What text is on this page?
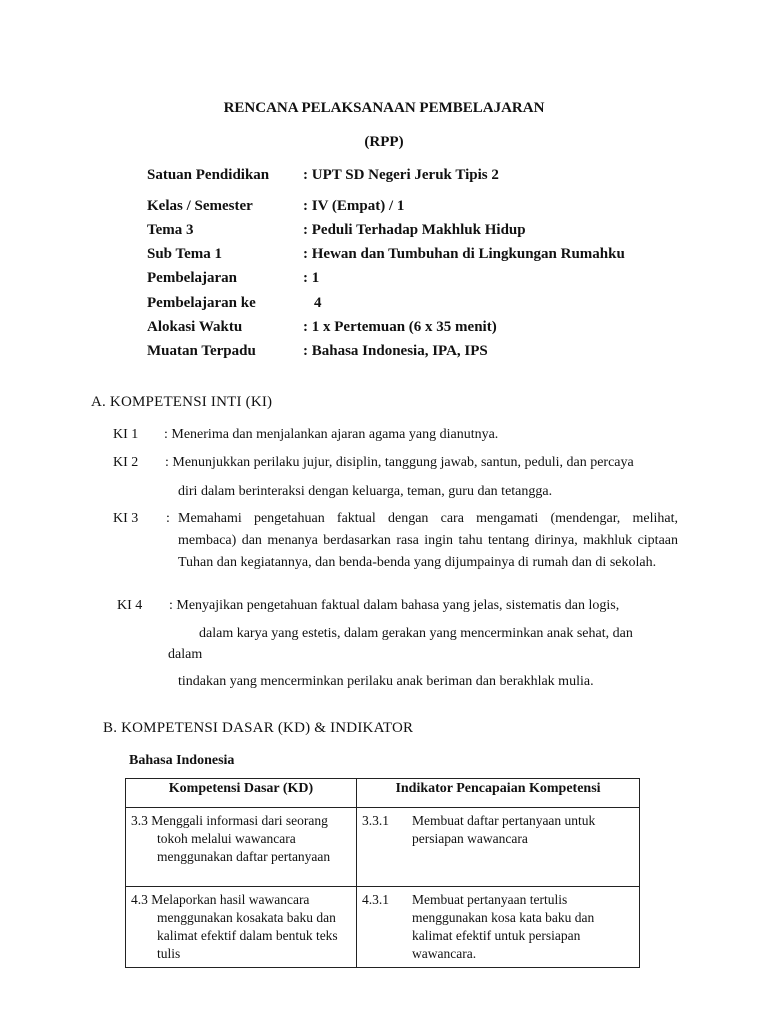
RENCANA PELAKSANAAN PEMBELAJARAN
(RPP)
Satuan Pendidikan : UPT SD Negeri Jeruk Tipis 2
Kelas / Semester	: IV (Empat) / 1
Tema 3	: Peduli Terhadap Makhluk Hidup
Sub Tema 1	: Hewan dan Tumbuhan di Lingkungan Rumahku
Pembelajaran	: 1
Pembelajaran ke	4
Alokasi Waktu	: 1 x Pertemuan (6 x 35 menit)
Muatan Terpadu	: Bahasa Indonesia, IPA, IPS
A. KOMPETENSI INTI (KI)
KI 1 : Menerima dan menjalankan ajaran agama yang dianutnya.
KI 2 : Menunjukkan perilaku jujur, disiplin, tanggung jawab, santun, peduli, dan percaya
diri dalam berinteraksi dengan keluarga, teman, guru dan tetangga.
KI 3 : Memahami pengetahuan faktual dengan cara mengamati (mendengar, melihat, membaca) dan menanya berdasarkan rasa ingin tahu tentang dirinya, makhluk ciptaan Tuhan dan kegiatannya, dan benda-benda yang dijumpainya di rumah dan di sekolah.
KI 4 : Menyajikan pengetahuan faktual dalam bahasa yang jelas, sistematis dan logis,
dalam karya yang estetis, dalam gerakan yang mencerminkan anak sehat, dan
dalam
tindakan yang mencerminkan perilaku anak beriman dan berakhlak mulia.
B. KOMPETENSI DASAR (KD) & INDIKATOR
Bahasa Indonesia
Kompetensi Dasar (KD)	Indikator Pencapaian Kompetensi

3.3 Menggali informasi dari seorang tokoh melalui wawancara menggunakan daftar pertanyaan	3.3.1 Membuat daftar pertanyaan untuk persiapan wawancara

4.3 Melaporkan hasil wawancara menggunakan kosakata baku dan kalimat efektif dalam bentuk teks tulis	4.3.1 Membuat pertanyaan tertulis menggunakan kosa kata baku dan kalimat efektif untuk persiapan wawancara.
